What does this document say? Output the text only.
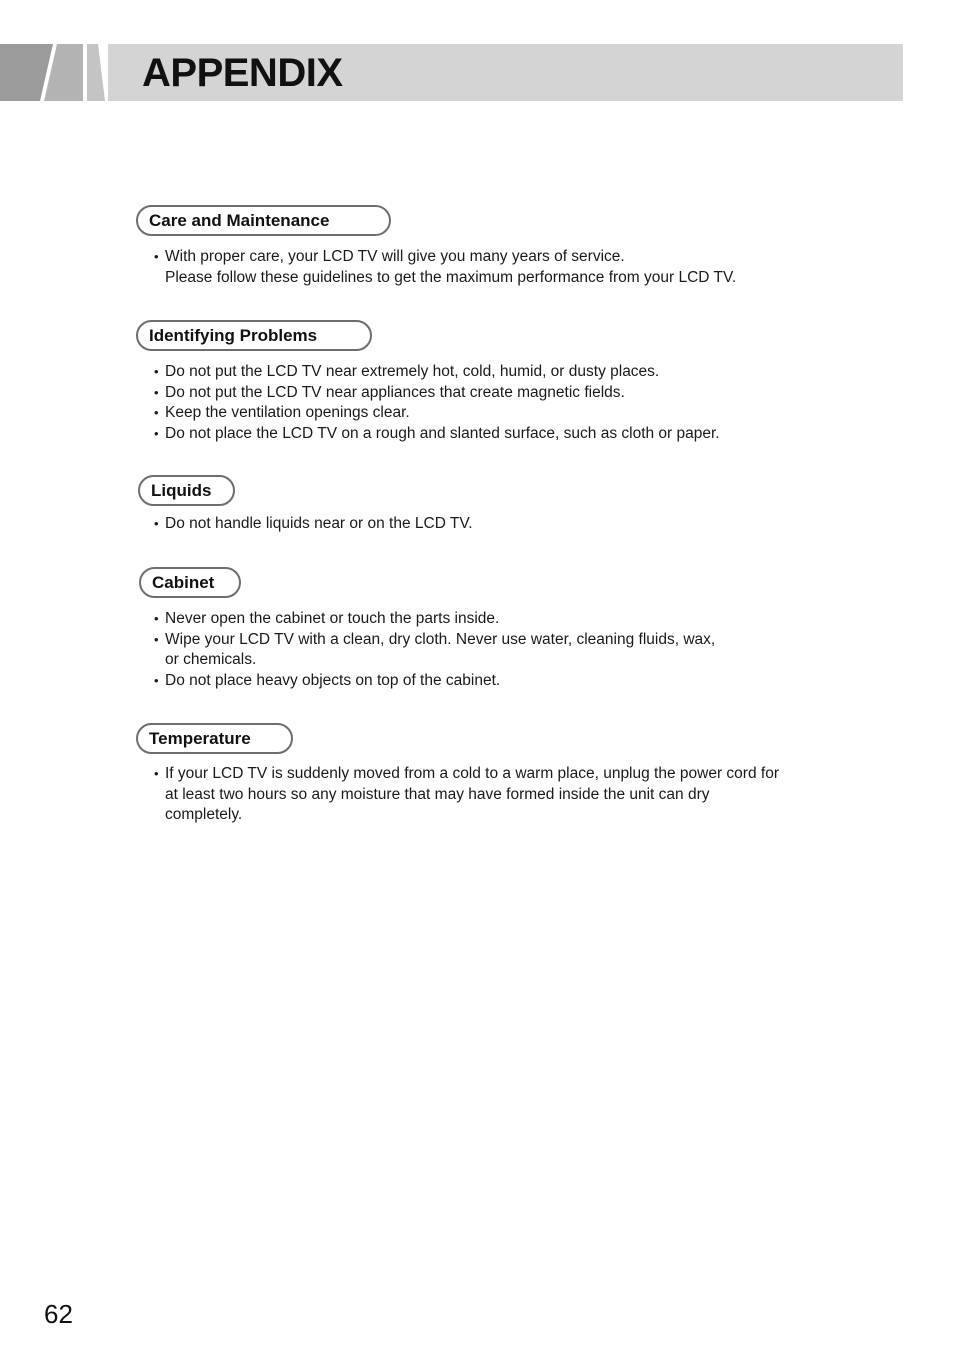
APPENDIX
Care and Maintenance
• With proper care, your LCD TV will give you many years of service.
Please follow these guidelines to get the maximum performance from your LCD TV.
Identifying Problems
• Do not put the LCD TV near extremely hot, cold, humid, or dusty places.
• Do not put the LCD TV near appliances that create magnetic fields.
• Keep the ventilation openings clear.
• Do not place the LCD TV on a rough and slanted surface, such as cloth or paper.
Liquids
• Do not handle liquids near or on the LCD TV.
Cabinet
• Never open the cabinet or touch the parts inside.
• Wipe your LCD TV with a clean, dry cloth. Never use water, cleaning fluids, wax,
or chemicals.
• Do not place heavy objects on top of the cabinet.
Temperature
• If your LCD TV is suddenly moved from a cold to a warm place, unplug the power cord for at least two hours so any moisture that may have formed inside the unit can dry completely.
62
